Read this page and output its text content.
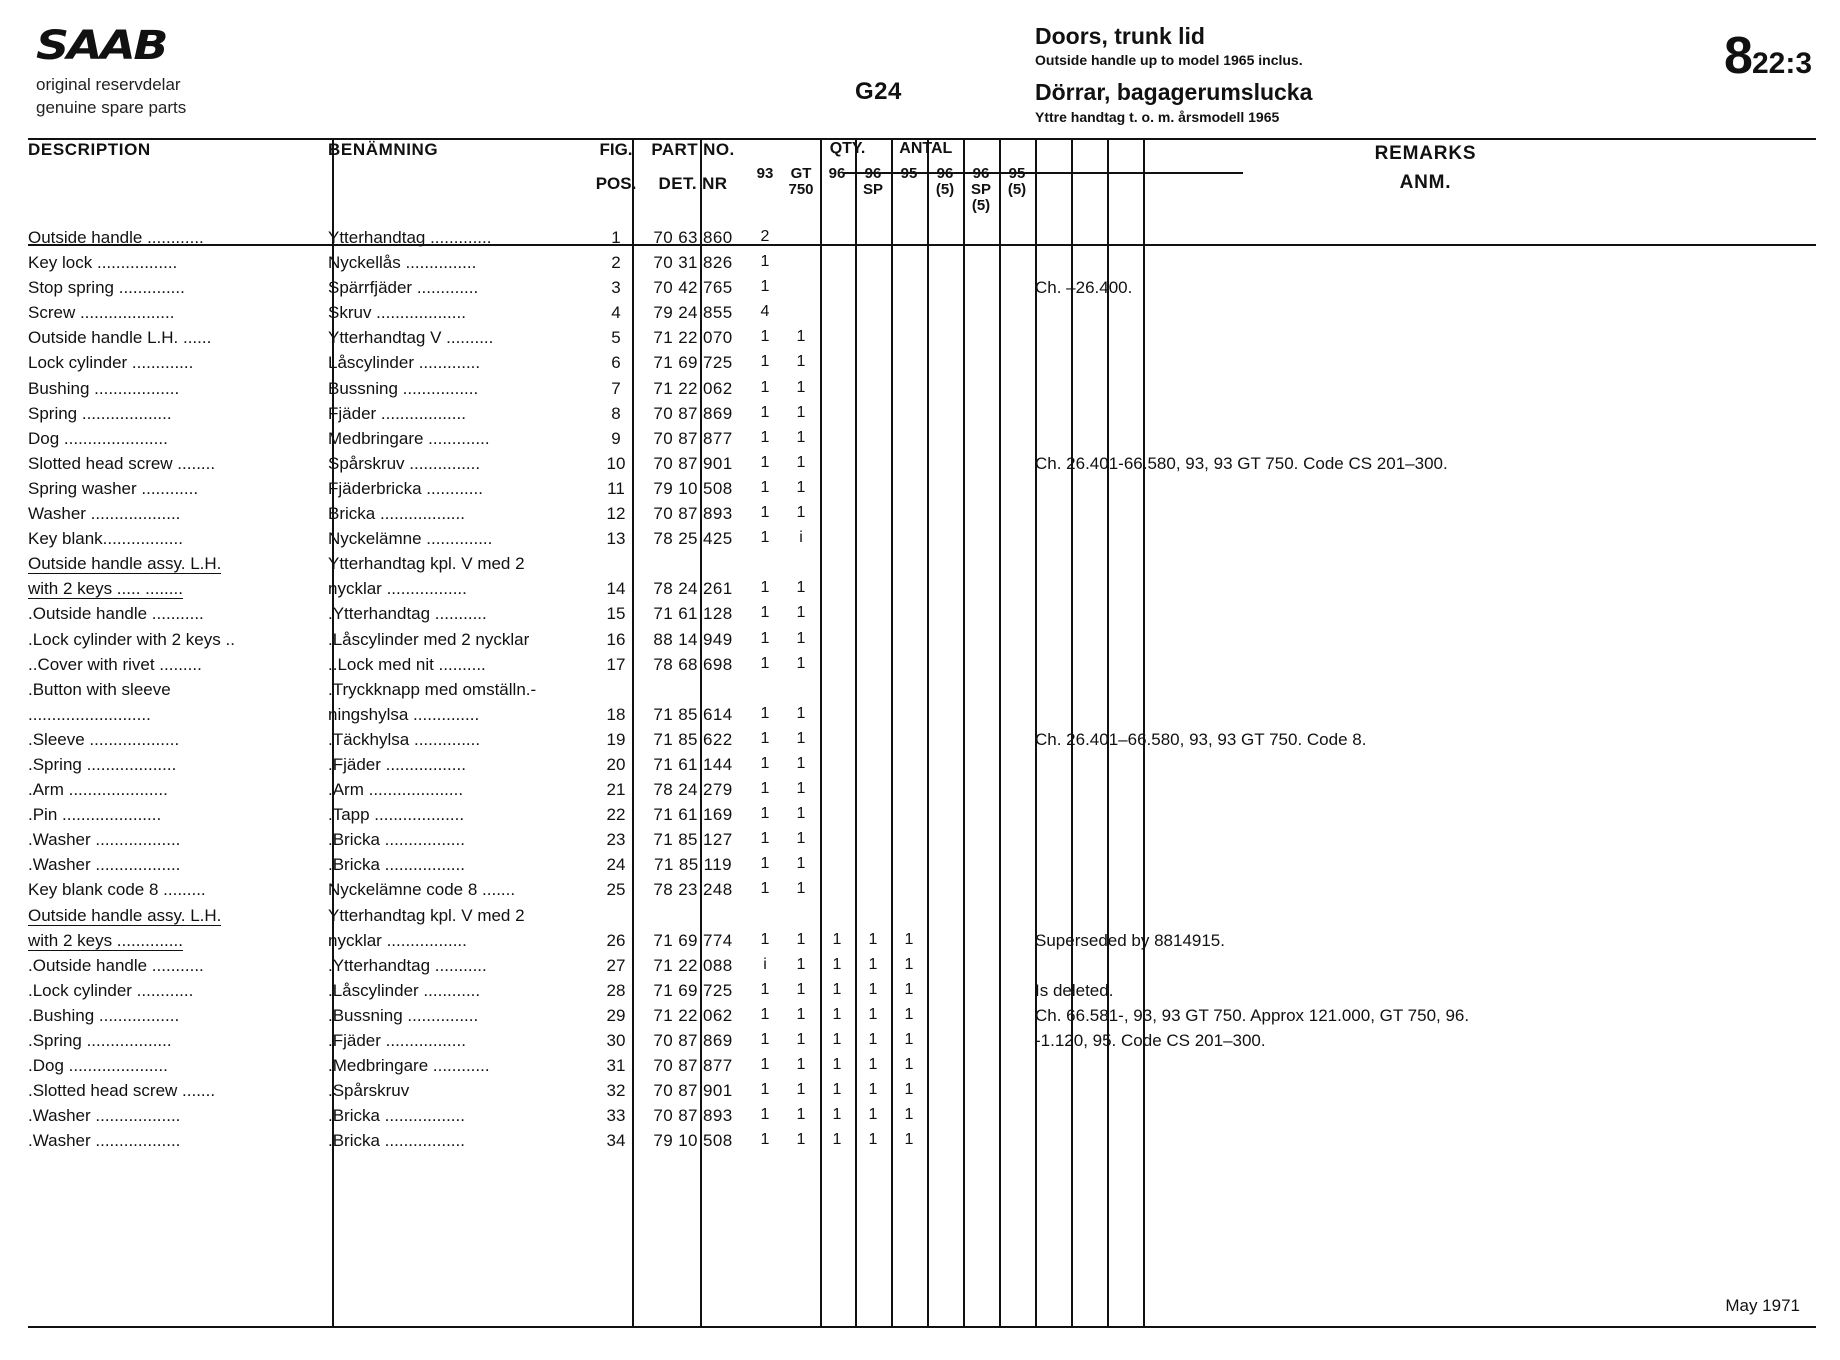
SAAB
original reservdelar
genuine spare parts
G24
Doors, trunk lid
Outside handle up to model 1965 inclus.
Dörrar, bagagerumslucka
Yttre handtag t. o. m. årsmodell 1965
822:3
DESCRIPTION	BENÄMNING	FIG.
POS.

PART NO.
DET. NR

QTY. ANTAL
93	GT
750
96	96
SP
95	96
(5)
96
SP
(5)
95
(5)

REMARKS
ANM.

Outside handle ............	Ytterhandtag .............	1	70 63 860	2								
Key lock .................	Nyckellås ...............	2	70 31 826	1								
Stop spring ..............	Spärrfjäder .............	3	70 42 765	1								Ch. –26.400.
Screw ....................	Skruv ...................	4	79 24 855	4								
Outside handle L.H. ......	Ytterhandtag V ..........	5	71 22 070	1	1							
Lock cylinder .............	Låscylinder .............	6	71 69 725	1	1							
Bushing ..................	Bussning ................	7	71 22 062	1	1							
Spring ...................	Fjäder ..................	8	70 87 869	1	1							
Dog ......................	Medbringare .............	9	70 87 877	1	1							
Slotted head screw ........	Spårskruv ...............	10	70 87 901	1	1							Ch. 26.401-66.580, 93, 93 GT 750. Code CS 201–300.
Spring washer ............	Fjäderbricka ............	11	79 10 508	1	1							
Washer ...................	Bricka ..................	12	70 87 893	1	1							
Key blank.................	Nyckelämne ..............	13	78 25 425	1	i							
Outside handle assy. L.H.	Ytterhandtag kpl. V med 2											
with 2 keys ..... ........	nycklar .................	14	78 24 261	1	1							
.Outside handle ...........	.Ytterhandtag ...........	15	71 61 128	1	1							
.Lock cylinder with 2 keys ..	.Låscylinder med 2 nycklar	16	88 14 949	1	1							
..Cover with rivet .........	..Lock med nit ..........	17	78 68 698	1	1							
.Button with sleeve	.Tryckknapp med omställn.-											
..........................	ningshylsa ..............	18	71 85 614	1	1							
.Sleeve ...................	.Täckhylsa ..............	19	71 85 622	1	1							Ch. 26.401–66.580, 93, 93 GT 750. Code 8.
.Spring ...................	.Fjäder .................	20	71 61 144	1	1							
.Arm .....................	.Arm ....................	21	78 24 279	1	1							
.Pin .....................	.Tapp ...................	22	71 61 169	1	1							
.Washer ..................	.Bricka .................	23	71 85 127	1	1							
.Washer ..................	.Bricka .................	24	71 85 119	1	1							
Key blank code 8 .........	Nyckelämne code 8 .......	25	78 23 248	1	1							
Outside handle assy. L.H.	Ytterhandtag kpl. V med 2											
with 2 keys ..............	nycklar .................	26	71 69 774	1	1	1	1	1				Superseded by 8814915.
.Outside handle ...........	.Ytterhandtag ...........	27	71 22 088	i	1	1	1	1				
.Lock cylinder ............	.Låscylinder ............	28	71 69 725	1	1	1	1	1				Is deleted.
.Bushing .................	.Bussning ...............	29	71 22 062	1	1	1	1	1				Ch. 66.581-, 93, 93 GT 750. Approx 121.000, GT 750, 96.
.Spring ..................	.Fjäder .................	30	70 87 869	1	1	1	1	1				-1.120, 95. Code CS 201–300.
.Dog .....................	.Medbringare ............	31	70 87 877	1	1	1	1	1				
.Slotted head screw .......	.Spårskruv	32	70 87 901	1	1	1	1	1				
.Washer ..................	.Bricka .................	33	70 87 893	1	1	1	1	1				
.Washer ..................	.Bricka .................	34	79 10 508	1	1	1	1	1				
May 1971
